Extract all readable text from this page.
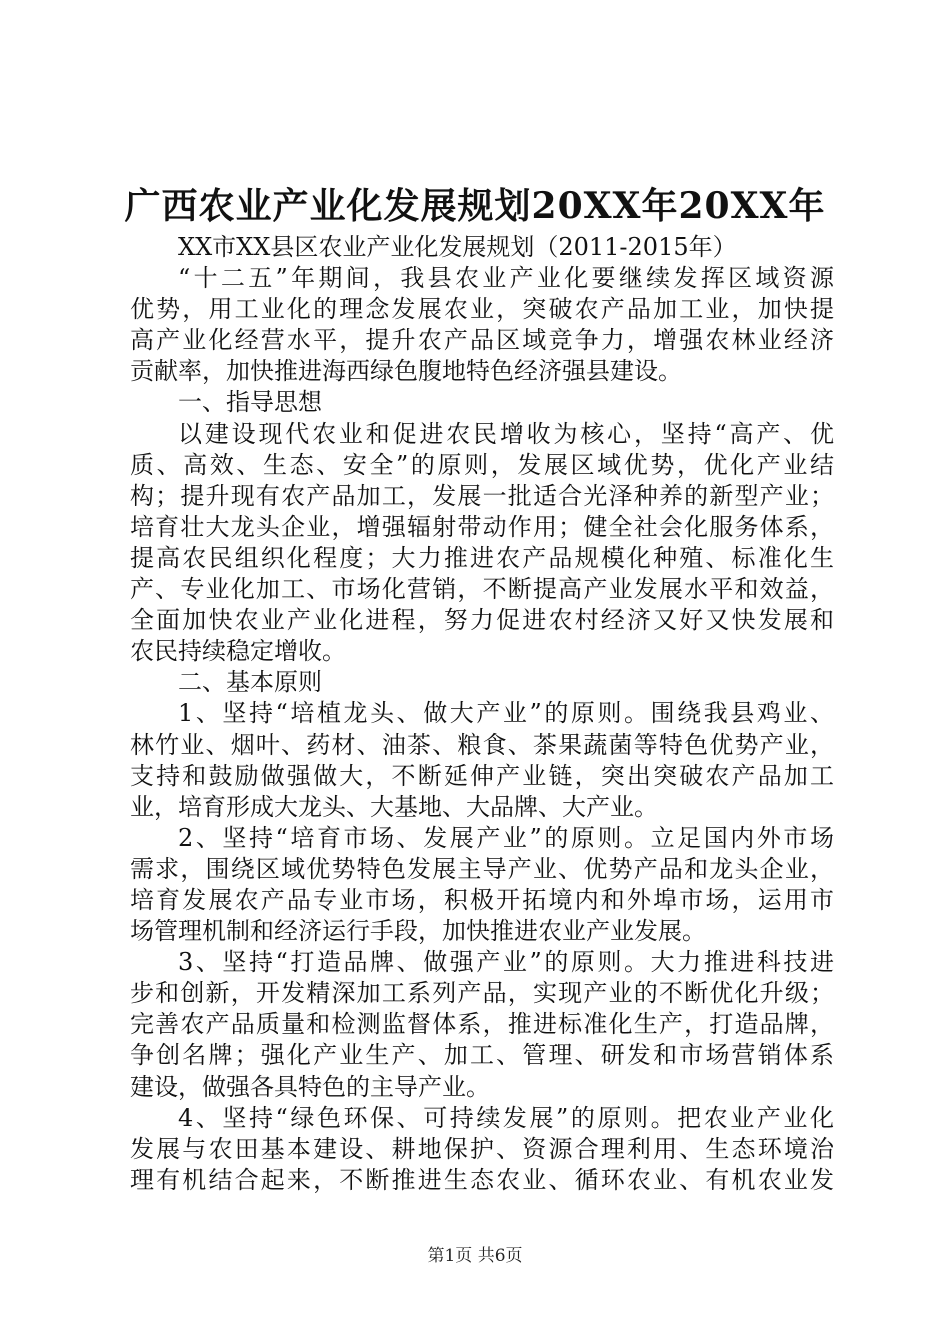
广西农业产业化发展规划20XX年20XX年
XX市XX县区农业产业化发展规划（2011-2015年）
“十二五”年期间，我县农业产业化要继续发挥区域资源
优势，用工业化的理念发展农业，突破农产品加工业，加快提
高产业化经营水平，提升农产品区域竞争力，增强农林业经济
贡献率，加快推进海西绿色腹地特色经济强县建设。
一、指导思想
以建设现代农业和促进农民增收为核心，坚持“高产、优
质、高效、生态、安全”的原则，发展区域优势，优化产业结
构；提升现有农产品加工，发展一批适合光泽种养的新型产业；
培育壮大龙头企业，增强辐射带动作用；健全社会化服务体系，
提高农民组织化程度；大力推进农产品规模化种殖、标准化生
产、专业化加工、市场化营销，不断提高产业发展水平和效益，
全面加快农业产业化进程，努力促进农村经济又好又快发展和
农民持续稳定增收。
二、基本原则
1、坚持“培植龙头、做大产业”的原则。围绕我县鸡业、
林竹业、烟叶、药材、油茶、粮食、茶果蔬菌等特色优势产业，
支持和鼓励做强做大，不断延伸产业链，突出突破农产品加工
业，培育形成大龙头、大基地、大品牌、大产业。
2、坚持“培育市场、发展产业”的原则。立足国内外市场
需求，围绕区域优势特色发展主导产业、优势产品和龙头企业，
培育发展农产品专业市场，积极开拓境内和外埠市场，运用市
场管理机制和经济运行手段，加快推进农业产业发展。
3、坚持“打造品牌、做强产业”的原则。大力推进科技进
步和创新，开发精深加工系列产品，实现产业的不断优化升级；
完善农产品质量和检测监督体系，推进标准化生产，打造品牌，
争创名牌；强化产业生产、加工、管理、研发和市场营销体系
建设，做强各具特色的主导产业。
4、坚持“绿色环保、可持续发展”的原则。把农业产业化
发展与农田基本建设、耕地保护、资源合理利用、生态环境治
理有机结合起来，不断推进生态农业、循环农业、有机农业发
第1页 共6页
